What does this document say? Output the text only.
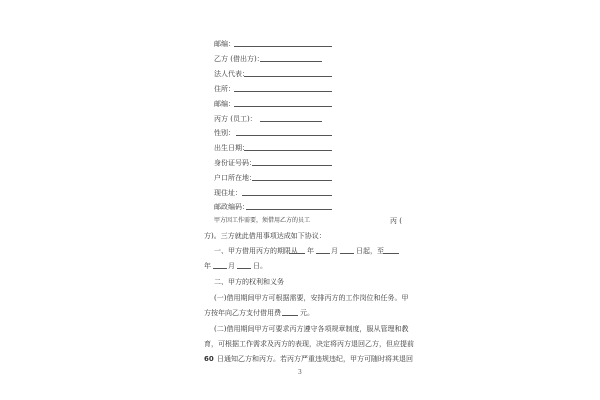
邮编：
乙方 (借出方)：
法人代表：
住所：
邮编：
丙方 (员工)：
性别：
出生日期：
身份证号码：
户口所在地：
现住址：
邮政编码：
甲方因工作需要，须借用乙方的员工	丙 (
方)。三方就此借用事项达成如下协议：
一、甲方借用丙方的期限从 年 月	日起，至
年 月	日。
二、甲方的权利和义务
(一)借用期间甲方可根据需要，安排丙方的工作岗位和任务。甲
方按年向乙方支付借用费	元。
(二)借用期间甲方可要求丙方遵守各项规章制度，服从管理和教
育，可根据工作需求及丙方的表现，决定将丙方退回乙方，但应提前
60 日通知乙方和丙方。若丙方严重违规违纪，甲方可随时将其退回
3
